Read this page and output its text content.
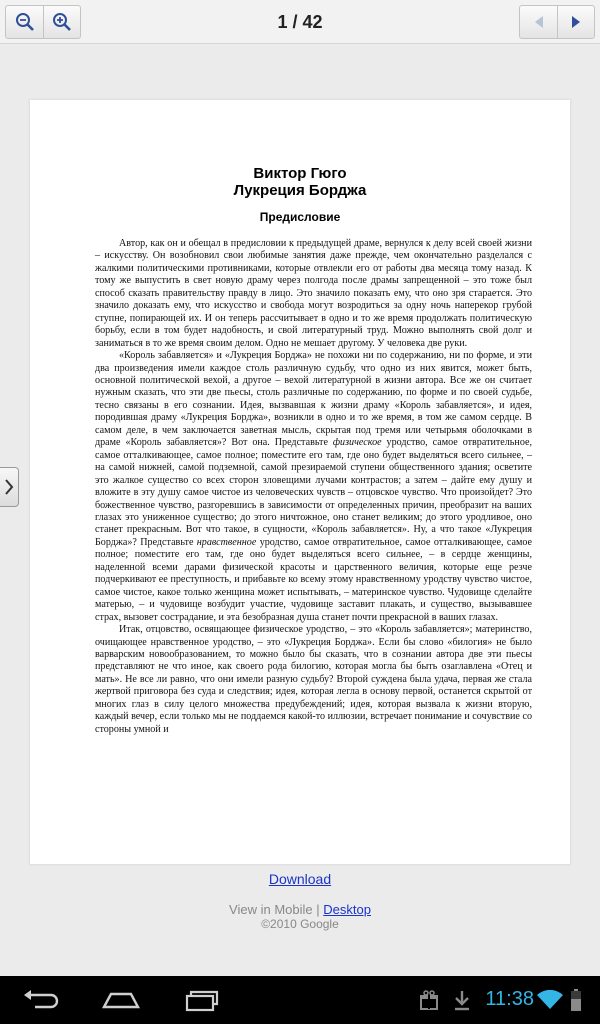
1 / 42
Виктор Гюго
Лукреция Борджа
Предисловие

Автор, как он и обещал в предисловии к предыдущей драме, вернулся к делу всей своей жизни – искусству. Он возобновил свои любимые занятия даже прежде, чем окончательно разделался с жалкими политическими противниками, которые отвлекли его от работы два месяца тому назад. К тому же выпустить в свет новую драму через полгода после драмы запрещенной – это тоже был способ сказать правительству правду в лицо. Это значило показать ему, что оно зря старается. Это значило доказать ему, что искусство и свобода могут возродиться за одну ночь наперекор грубой ступне, попирающей их. И он теперь рассчитывает в одно и то же время продолжать политическую борьбу, если в том будет надобность, и свой литературный труд. Можно выполнять свой долг и заниматься в то же время своим делом. Одно не мешает другому. У человека две руки.

«Король забавляется» и «Лукреция Борджа» не похожи ни по содержанию, ни по форме, и эти два произведения имели каждое столь различную судьбу, что одно из них явится, может быть, основной политической вехой, а другое – вехой литературной в жизни автора. Все же он считает нужным сказать, что эти две пьесы, столь различные по содержанию, по форме и по своей судьбе, тесно связаны в его сознании. Идея, вызвавшая к жизни драму «Король забавляется», и идея, породившая драму «Лукреция Борджа», возникли в одно и то же время, в том же самом сердце. В самом деле, в чем заключается заветная мысль, скрытая под тремя или четырьмя оболочками в драме «Король забавляется»? Вот она. Представьте физическое уродство, самое отвратительное, самое отталкивающее, самое полное; поместите его там, где оно будет выделяться всего сильнее, – на самой нижней, самой подземной, самой презираемой ступени общественного здания; осветите это жалкое существо со всех сторон зловещими лучами контрастов; а затем – дайте ему душу и вложите в эту душу самое чистое из человеческих чувств – отцовское чувство. Что произойдет? Это божественное чувство, разгоревшись в зависимости от определенных причин, преобразит на ваших глазах это униженное существо; до этого ничтожное, оно станет великим; до этого уродливое, оно станет прекрасным. Вот что такое, в сущности, «Король забавляется». Ну, а что такое «Лукреция Борджа»? Представьте нравственное уродство, самое отвратительное, самое отталкивающее, самое полное; поместите его там, где оно будет выделяться всего сильнее, – в сердце женщины, наделенной всеми дарами физической красоты и царственного величия, которые еще резче подчеркивают ее преступность, и прибавьте ко всему этому нравственному уродству чувство чистое, самое чистое, какое только женщина может испытывать, – материнское чувство. Чудовище сделайте матерью, – и чудовище возбудит участие, чудовище заставит плакать, и существо, вызывавшее страх, вызовет сострадание, и эта безобразная душа станет почти прекрасной в ваших глазах.

Итак, отцовство, освящающее физическое уродство, – это «Король забавляется»; материнство, очищающее нравственное уродство, – это «Лукреция Борджа». Если бы слово «билогия» не было варварским новообразованием, то можно было бы сказать, что в сознании автора две эти пьесы представляют не что иное, как своего рода билогию, которая могла бы быть озаглавлена «Отец и мать». Не все ли равно, что они имели разную судьбу? Второй суждена была удача, первая же стала жертвой приговора без суда и следствия; идея, которая легла в основу первой, останется скрытой от многих глаз в силу целого множества предубеждений; идея, которая вызвала к жизни вторую, каждый вечер, если только мы не поддаемся какой-то иллюзии, встречает понимание и сочувствие со стороны умной и

Download
View in Mobile | Desktop
©2010 Google
11:38
